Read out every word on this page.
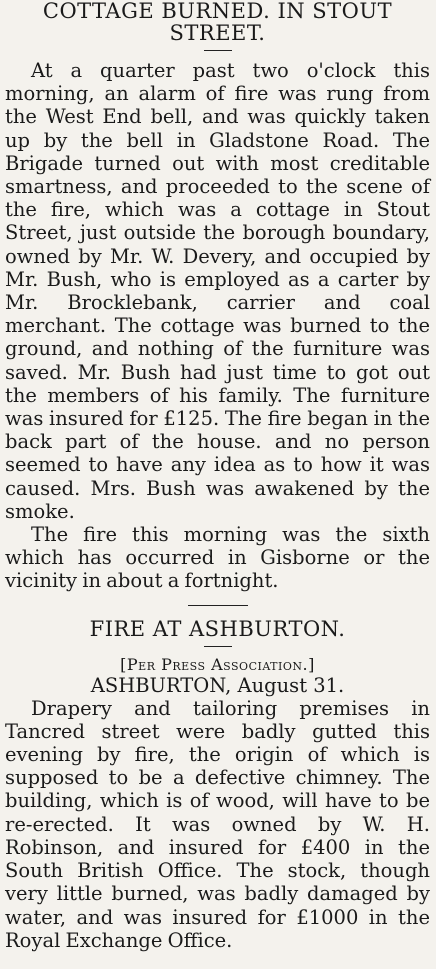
COTTAGE BURNED. IN STOUT

STREET.

At a quarter past two o'clock this morning, an alarm of fire was rung from the West End bell, and was quickly taken up by the bell in Gladstone Road. The Brigade turned out with most creditable smartness, and proceeded to the scene of the fire, which was a cottage in Stout Street, just outside the borough boundary, owned by Mr. W. Devery, and occupied by Mr. Bush, who is employed as a carter by Mr. Brocklebank, carrier and coal merchant. The cottage was burned to the ground, and nothing of the furniture was saved. Mr. Bush had just time to got out the members of his family. The furniture was insured for £125. The fire began in the back part of the house. and no person seemed to have any idea as to how it was caused. Mrs. Bush was awakened by the smoke.

The fire this morning was the sixth which has occurred in Gisborne or the vicinity in about a fortnight.

FIRE AT ASHBURTON.

[Per Press Association.]

ASHBURTON, August 31.

Drapery and tailoring premises in Tancred street were badly gutted this evening by fire, the origin of which is supposed to be a defective chimney. The building, which is of wood, will have to be re-erected. It was owned by W. H. Robinson, and insured for £400 in the South British Office. The stock, though very little burned, was badly damaged by water, and was insured for £1000 in the Royal Exchange Office.
